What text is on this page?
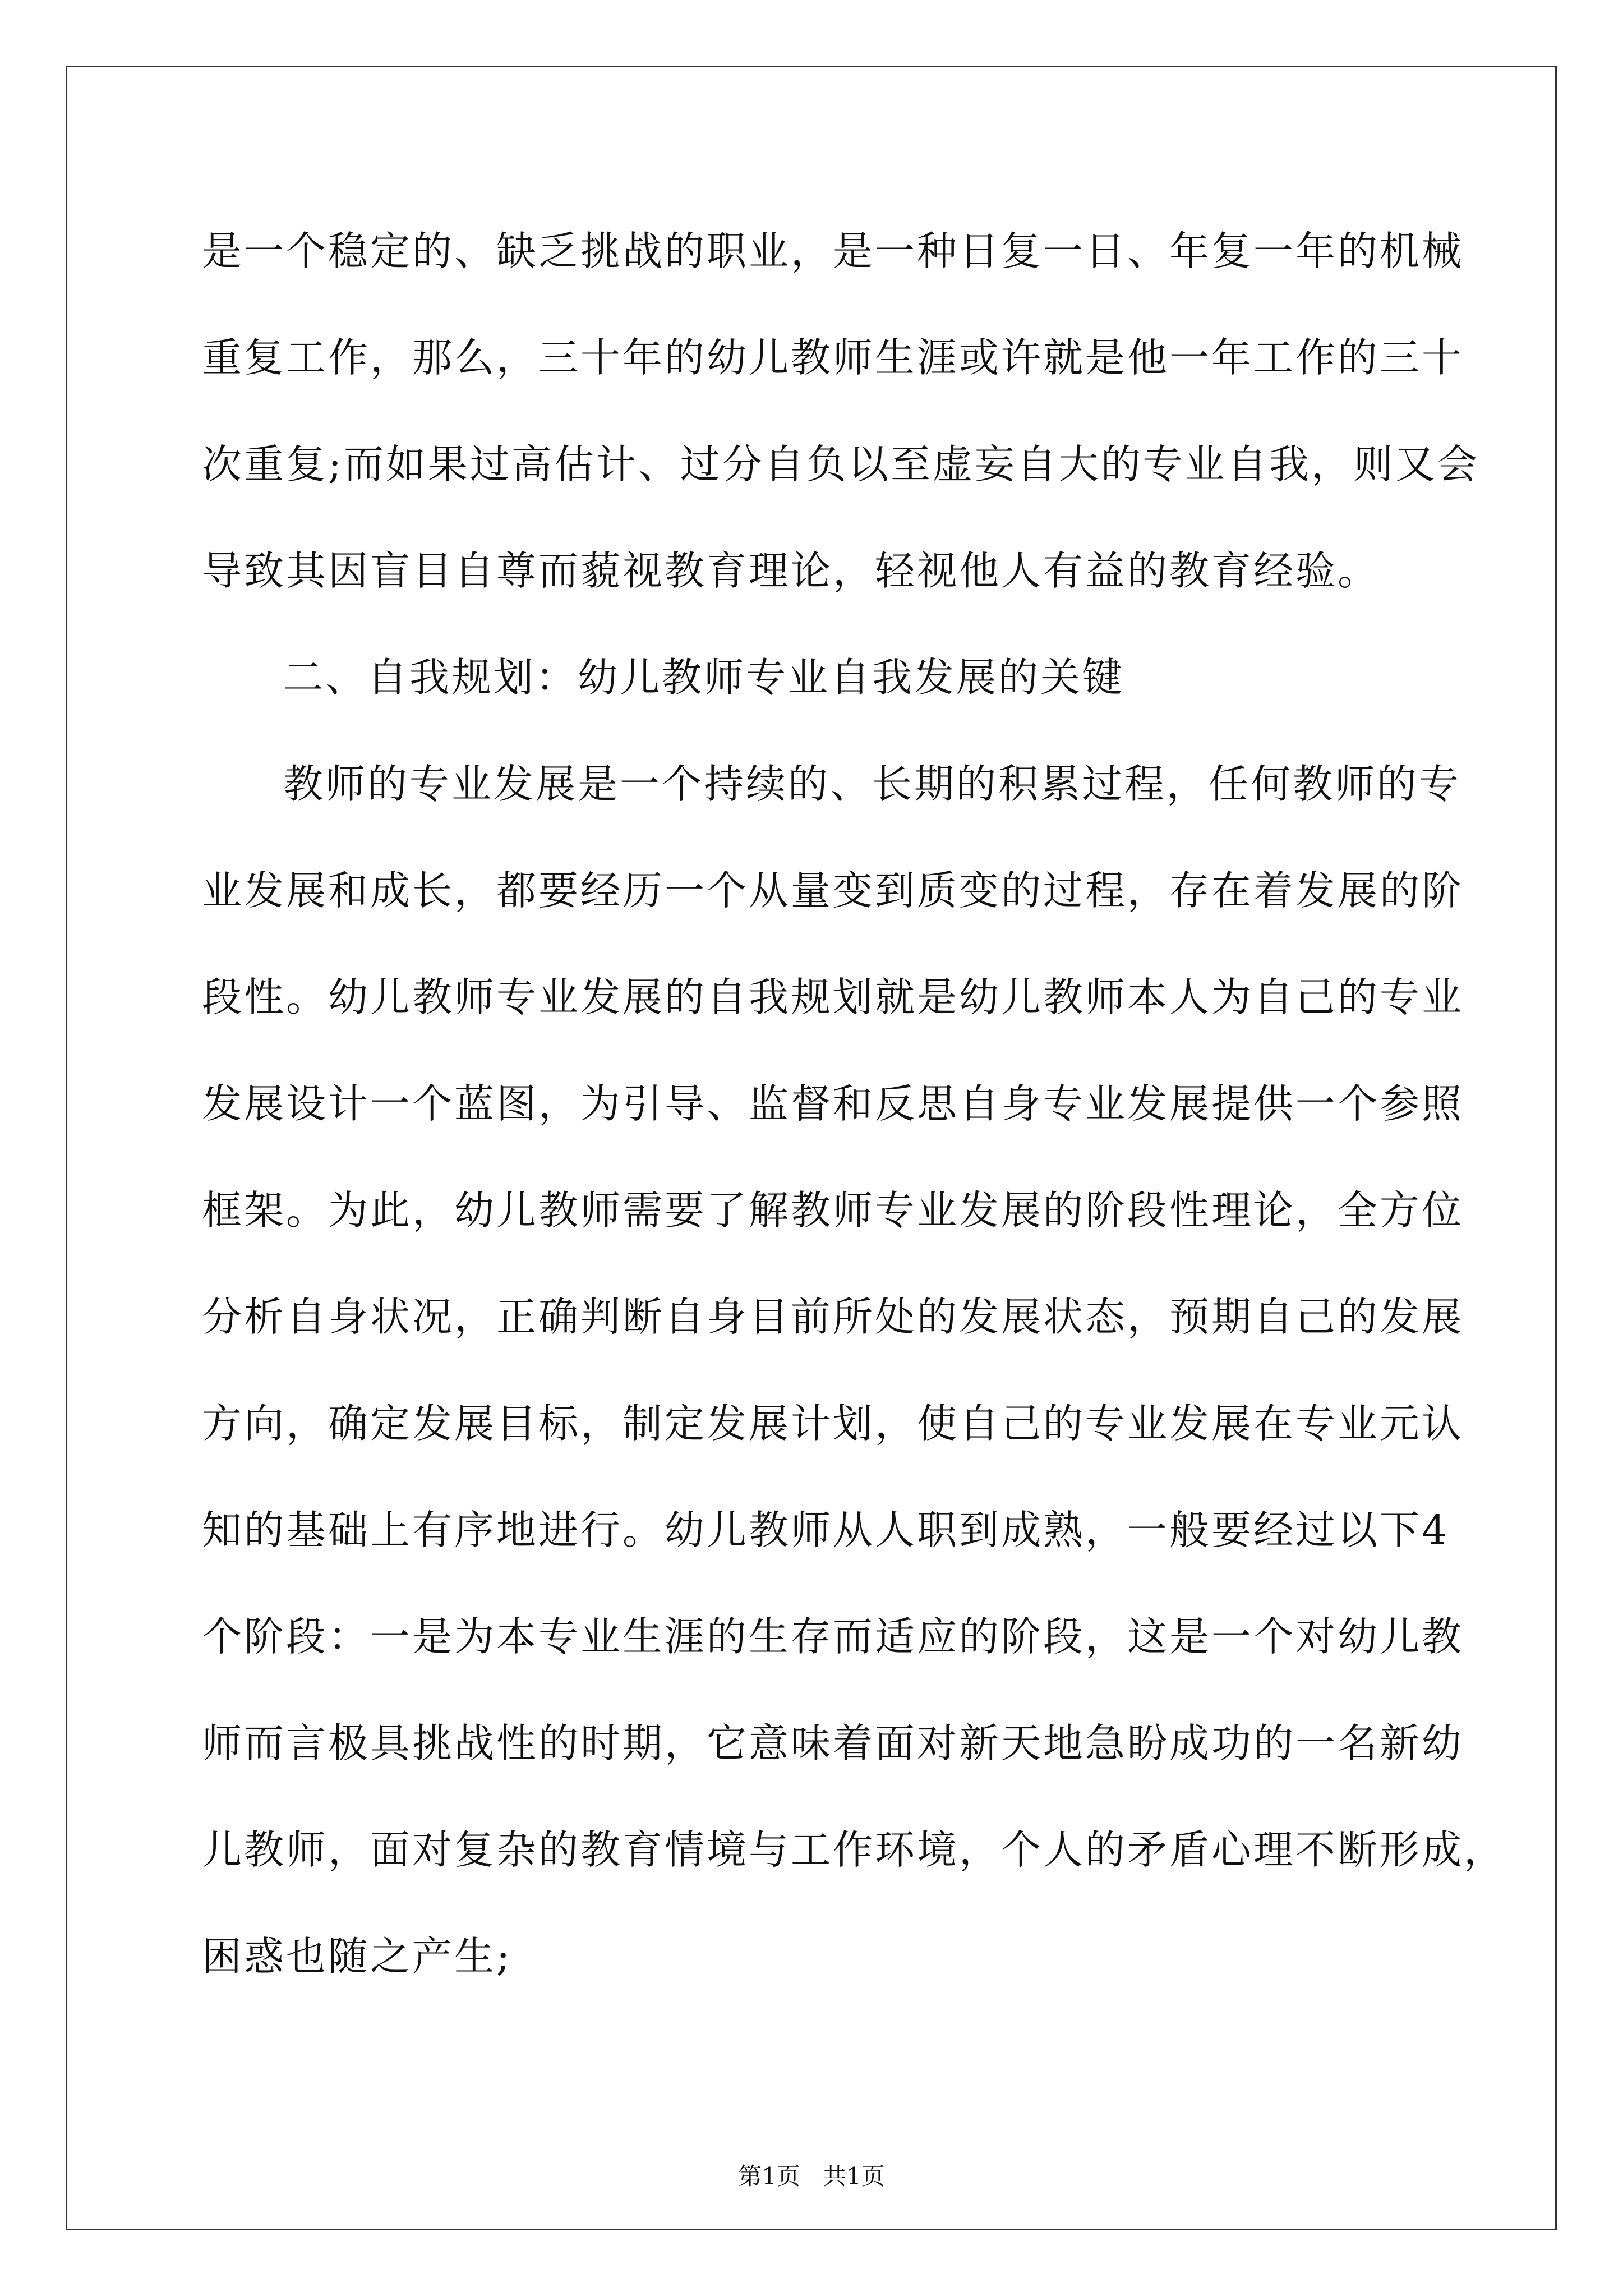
是一个稳定的、缺乏挑战的职业，是一种日复一日、年复一年的机械

重复工作，那么，三十年的幼儿教师生涯或许就是他一年工作的三十

次重复;而如果过高估计、过分自负以至虚妄自大的专业自我，则又会

导致其因盲目自尊而藐视教育理论，轻视他人有益的教育经验。

二、自我规划：幼儿教师专业自我发展的关键

教师的专业发展是一个持续的、长期的积累过程，任何教师的专

业发展和成长，都要经历一个从量变到质变的过程，存在着发展的阶

段性。幼儿教师专业发展的自我规划就是幼儿教师本人为自己的专业

发展设计一个蓝图，为引导、监督和反思自身专业发展提供一个参照

框架。为此，幼儿教师需要了解教师专业发展的阶段性理论，全方位

分析自身状况，正确判断自身目前所处的发展状态，预期自己的发展

方向，确定发展目标，制定发展计划，使自己的专业发展在专业元认

知的基础上有序地进行。幼儿教师从人职到成熟，一般要经过以下4

个阶段：一是为本专业生涯的生存而适应的阶段，这是一个对幼儿教

师而言极具挑战性的时期，它意味着面对新天地急盼成功的一名新幼

儿教师，面对复杂的教育情境与工作环境，个人的矛盾心理不断形成，

困惑也随之产生;

第1页   共1页
